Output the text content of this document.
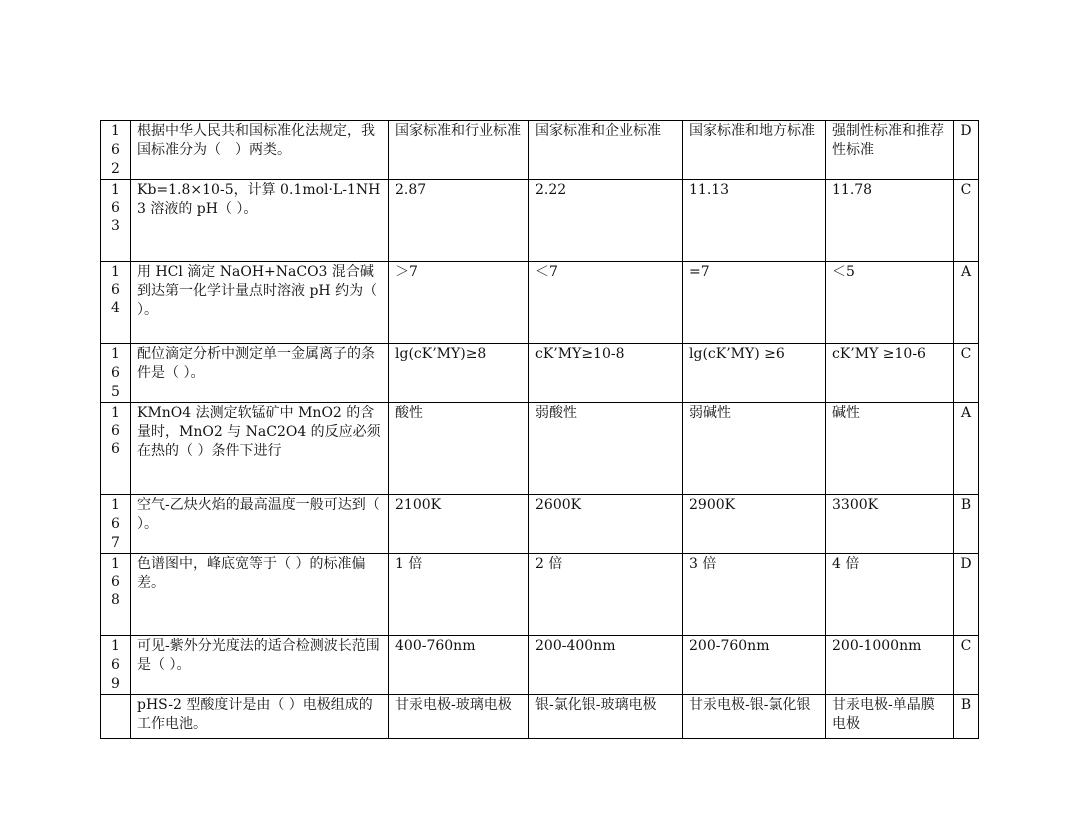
16
2	根据中华人民共和国标准化法规定，我国标准分为（　）两类。	国家标准和行业标准	国家标准和企业标准	国家标准和地方标准	强制性标准和推荐性标准	D

1
6
3	Kb=1.8×10-5，计算 0.1mol·L-1NH3 溶液的 pH（ ）。	2.87	2.22	11.13	11.78	C

1
6
4	用 HCl 滴定 NaOH+NaCO3 混合碱到达第一化学计量点时溶液 pH 约为（ ）。	＞7	＜7	=7	＜5	A

16
5	配位滴定分析中测定单一金属离子的条件是（ ）。	lg(cK’MY)≥8	cK’MY≥10-8	lg(cK’MY) ≥6	cK’MY ≥10-6	C

1
6
6	KMnO4 法测定软锰矿中 MnO2 的含量时，MnO2 与 NaC2O4 的反应必须在热的（ ）条件下进行	酸性	弱酸性	弱碱性	碱性	A

16
7	空气-乙炔火焰的最高温度一般可达到（ ）。	2100K	2600K	2900K	3300K	B

1
6
8	色谱图中，峰底宽等于（ ）的标准偏差。	1 倍	2 倍	3 倍	4 倍	D

16
9	可见-紫外分光度法的适合检测波长范围是（ ）。	400-760nm	200-400nm	200-760nm	200-1000nm	C
	pHS-2 型酸度计是由（ ）电极组成的工作电池。	甘汞电极-玻璃电极	银-氯化银-玻璃电极	甘汞电极-银-氯化银	甘汞电极-单晶膜电极	B
